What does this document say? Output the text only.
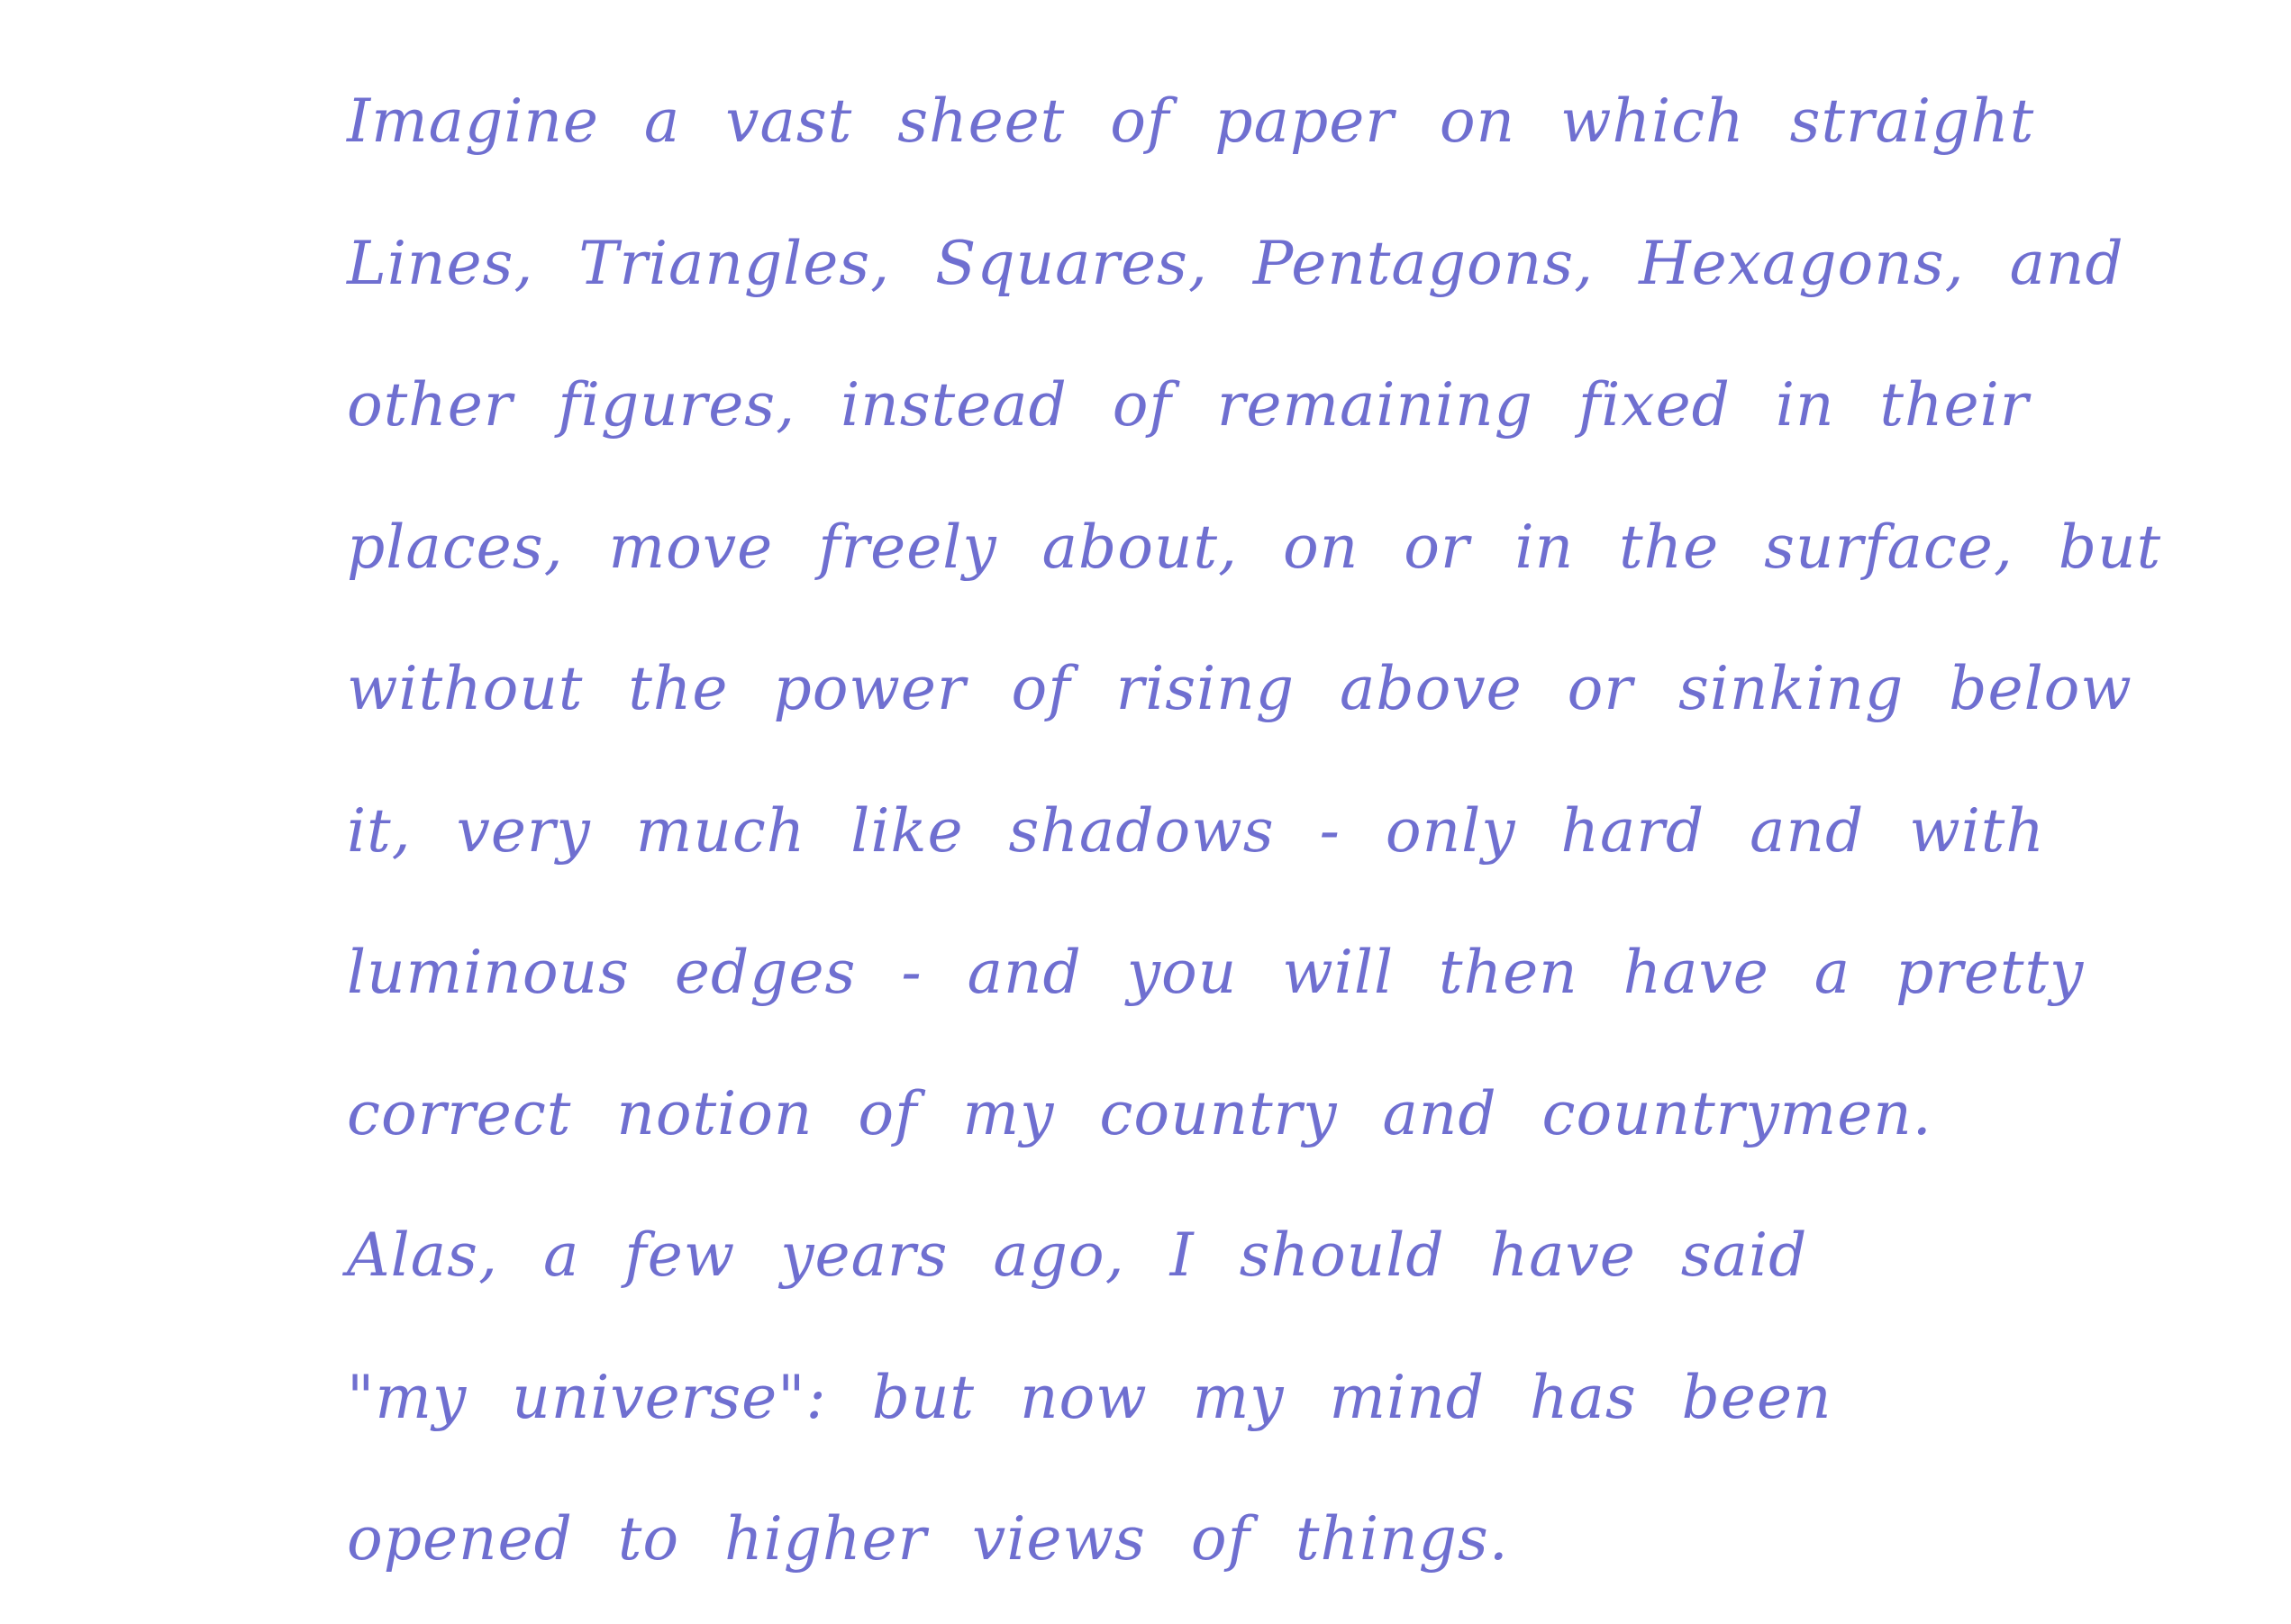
Imagine a vast sheet of paper on which straight
Lines, Triangles, Squares, Pentagons, Hexagons, and
other figures, instead of remaining fixed in their
places, move freely about, on or in the surface, but
without the power of rising above or sinking below
it, very much like shadows - only hard and with
luminous edges - and you will then have a pretty
correct notion of my country and countrymen.
Alas, a few years ago, I should have said
"my universe": but now my mind has been
opened to higher views of things.
